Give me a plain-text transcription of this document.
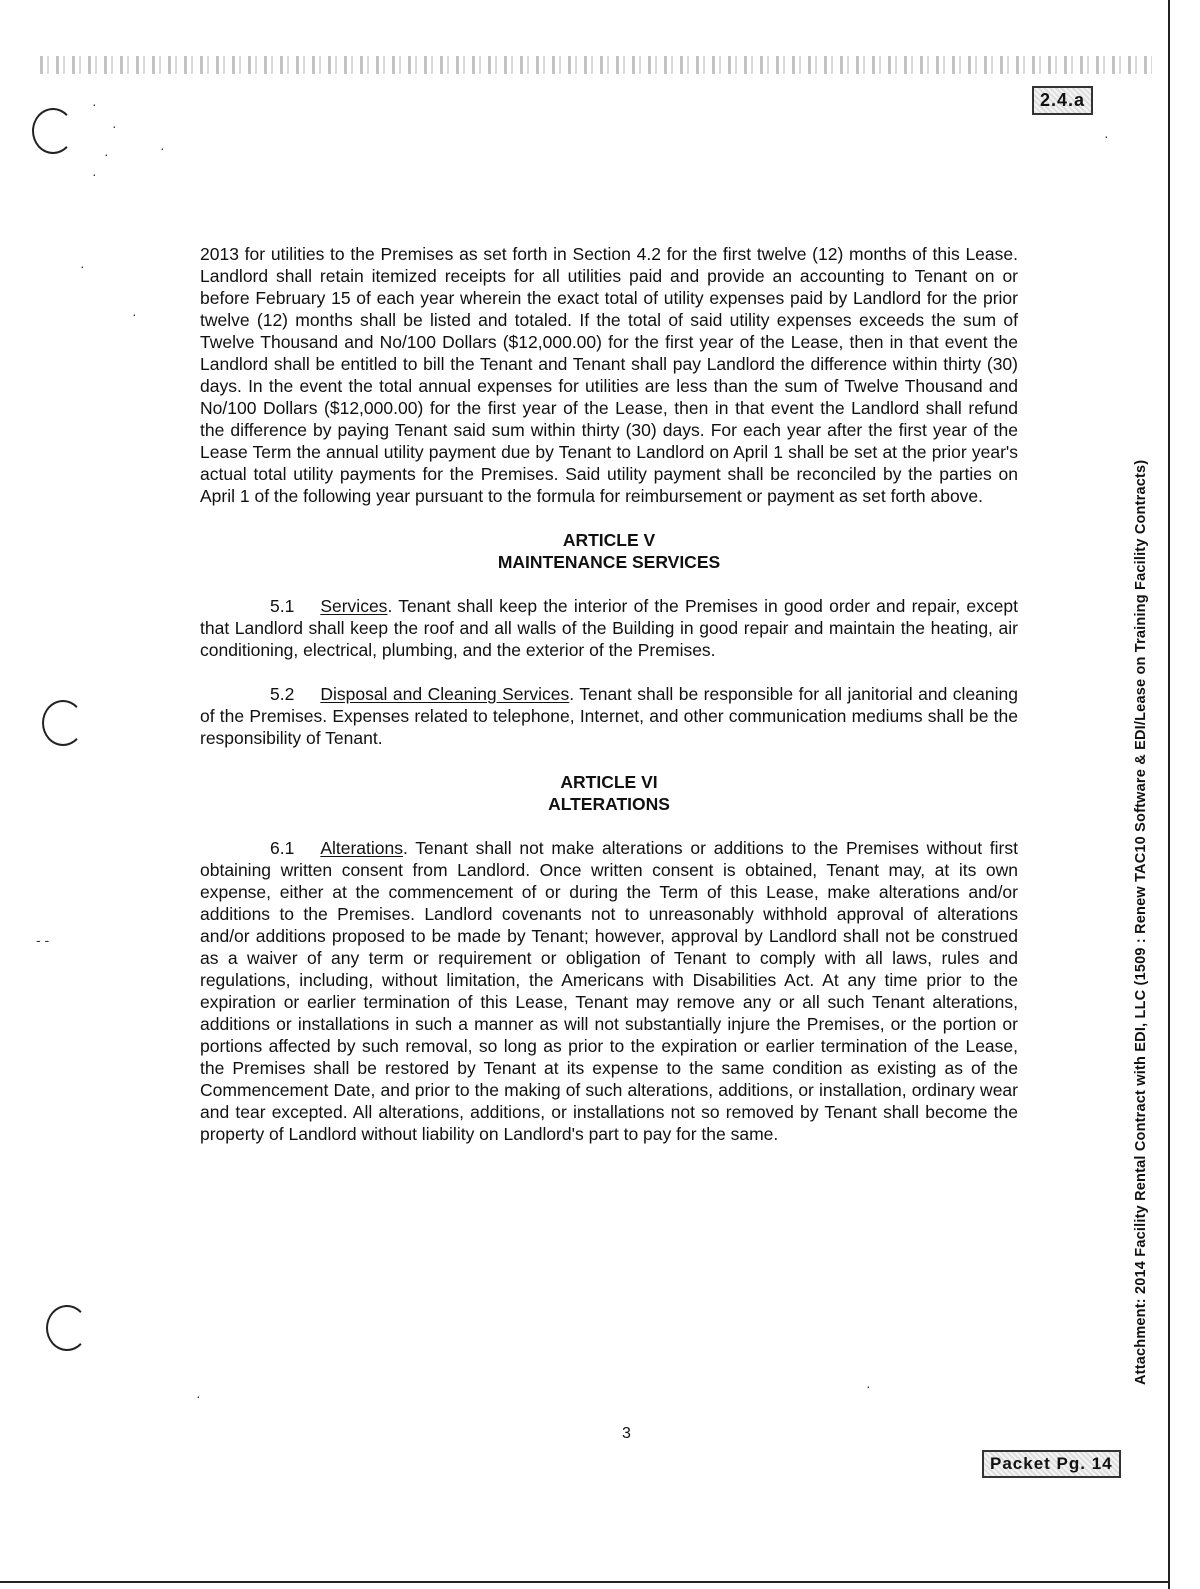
·
·
·	·
·
·
·
- -
·
·
·
2.4.a
Attachment: 2014 Facility Rental Contract with EDI, LLC (1509 : Renew TAC10 Software & EDI/Lease on Training Facility Contracts)

2013 for utilities to the Premises as set forth in Section 4.2 for the first twelve (12) months of this Lease. Landlord shall retain itemized receipts for all utilities paid and provide an accounting to Tenant on or before February 15 of each year wherein the exact total of utility expenses paid by Landlord for the prior twelve (12) months shall be listed and totaled. If the total of said utility expenses exceeds the sum of Twelve Thousand and No/100 Dollars ($12,000.00) for the first year of the Lease, then in that event the Landlord shall be entitled to bill the Tenant and Tenant shall pay Landlord the difference within thirty (30) days. In the event the total annual expenses for utilities are less than the sum of Twelve Thousand and No/100 Dollars ($12,000.00) for the first year of the Lease, then in that event the Landlord shall refund the difference by paying Tenant said sum within thirty (30) days. For each year after the first year of the Lease Term the annual utility payment due by Tenant to Landlord on April 1 shall be set at the prior year's actual total utility payments for the Premises. Said utility payment shall be reconciled by the parties on April 1 of the following year pursuant to the formula for reimbursement or payment as set forth above.

ARTICLE V
MAINTENANCE SERVICES

5.1 Services. Tenant shall keep the interior of the Premises in good order and repair, except that Landlord shall keep the roof and all walls of the Building in good repair and maintain the heating, air conditioning, electrical, plumbing, and the exterior of the Premises.

5.2 Disposal and Cleaning Services. Tenant shall be responsible for all janitorial and cleaning of the Premises. Expenses related to telephone, Internet, and other communication mediums shall be the responsibility of Tenant.

ARTICLE VI
ALTERATIONS

6.1 Alterations. Tenant shall not make alterations or additions to the Premises without first obtaining written consent from Landlord. Once written consent is obtained, Tenant may, at its own expense, either at the commencement of or during the Term of this Lease, make alterations and/or additions to the Premises. Landlord covenants not to unreasonably withhold approval of alterations and/or additions proposed to be made by Tenant; however, approval by Landlord shall not be construed as a waiver of any term or requirement or obligation of Tenant to comply with all laws, rules and regulations, including, without limitation, the Americans with Disabilities Act. At any time prior to the expiration or earlier termination of this Lease, Tenant may remove any or all such Tenant alterations, additions or installations in such a manner as will not substantially injure the Premises, or the portion or portions affected by such removal, so long as prior to the expiration or earlier termination of the Lease, the Premises shall be restored by Tenant at its expense to the same condition as existing as of the Commencement Date, and prior to the making of such alterations, additions, or installation, ordinary wear and tear excepted. All alterations, additions, or installations not so removed by Tenant shall become the property of Landlord without liability on Landlord's part to pay for the same.

3
Packet Pg. 14
